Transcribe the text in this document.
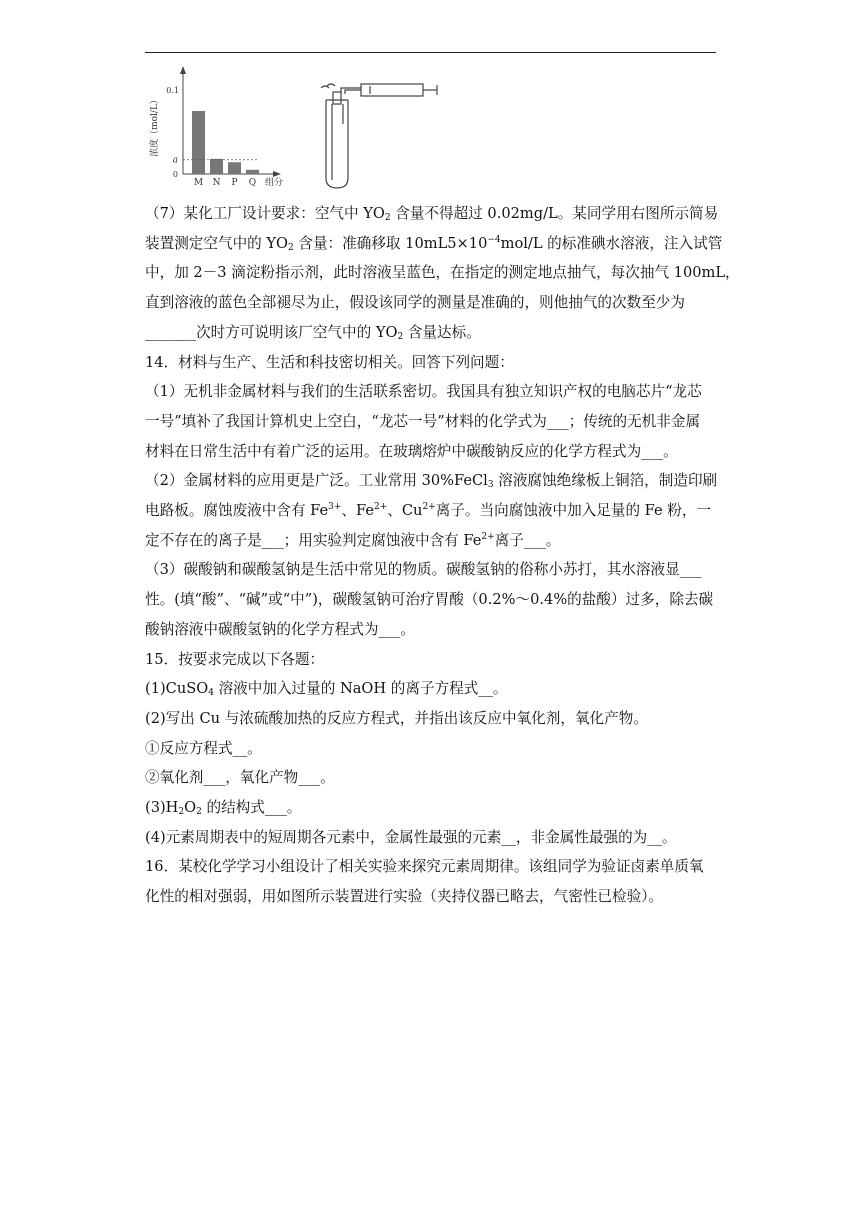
浓度（mol/L）
M N P Q
0.1
a
0
组分
（7）某化工厂设计要求：空气中 $YO_2$ 含量不得超过 0.02mg/L。某同学用右图所示简易
装置测定空气中的 $YO_2$ 含量：准确移取 $10mL5\times 10^{-4}mol/L$ 的标准碘水溶液，注入试管
中，加 2－3 滴淀粉指示剂，此时溶液呈蓝色，在指定的测定地点抽气，每次抽气 100mL，
直到溶液的蓝色全部褪尽为止，假设该同学的测量是准确的，则他抽气的次数至少为
_______次时方可说明该厂空气中的 $YO_2$ 含量达标。
14．材料与生产、生活和科技密切相关。回答下列问题：
（1）无机非金属材料与我们的生活联系密切。我国具有独立知识产权的电脑芯片“龙芯
一号”填补了我国计算机史上空白，“龙芯一号”材料的化学式为___；传统的无机非金属
材料在日常生活中有着广泛的运用。在玻璃熔炉中碳酸钠反应的化学方程式为___。
（2）金属材料的应用更是广泛。工业常用 30%FeCl$_3$ 溶液腐蚀绝缘板上铜箔，制造印刷
电路板。腐蚀废液中含有 $Fe^{3+}$、$Fe^{2+}$、$Cu^{2+}$离子。当向腐蚀液中加入足量的 Fe 粉，一
定不存在的离子是___；用实验判定腐蚀液中含有 $Fe^{2+}$离子___。
（3）碳酸钠和碳酸氢钠是生活中常见的物质。碳酸氢钠的俗称小苏打，其水溶液显___
性。(填“酸”、“碱”或“中”)，碳酸氢钠可治疗胃酸（0.2%～0.4%的盐酸）过多，除去碳
酸钠溶液中碳酸氢钠的化学方程式为___。
15．按要求完成以下各题：
(1)CuSO$_4$ 溶液中加入过量的 NaOH 的离子方程式__。
(2)写出 Cu 与浓硫酸加热的反应方程式，并指出该反应中氧化剂，氧化产物。
①反应方程式__。
②氧化剂___，氧化产物___。
$(3)H_2O_2$ 的结构式___。
(4)元素周期表中的短周期各元素中，金属性最强的元素__，非金属性最强的为__。
16．某校化学学习小组设计了相关实验来探究元素周期律。该组同学为验证卤素单质氧
化性的相对强弱，用如图所示装置进行实验（夹持仪器已略去，气密性已检验）。
